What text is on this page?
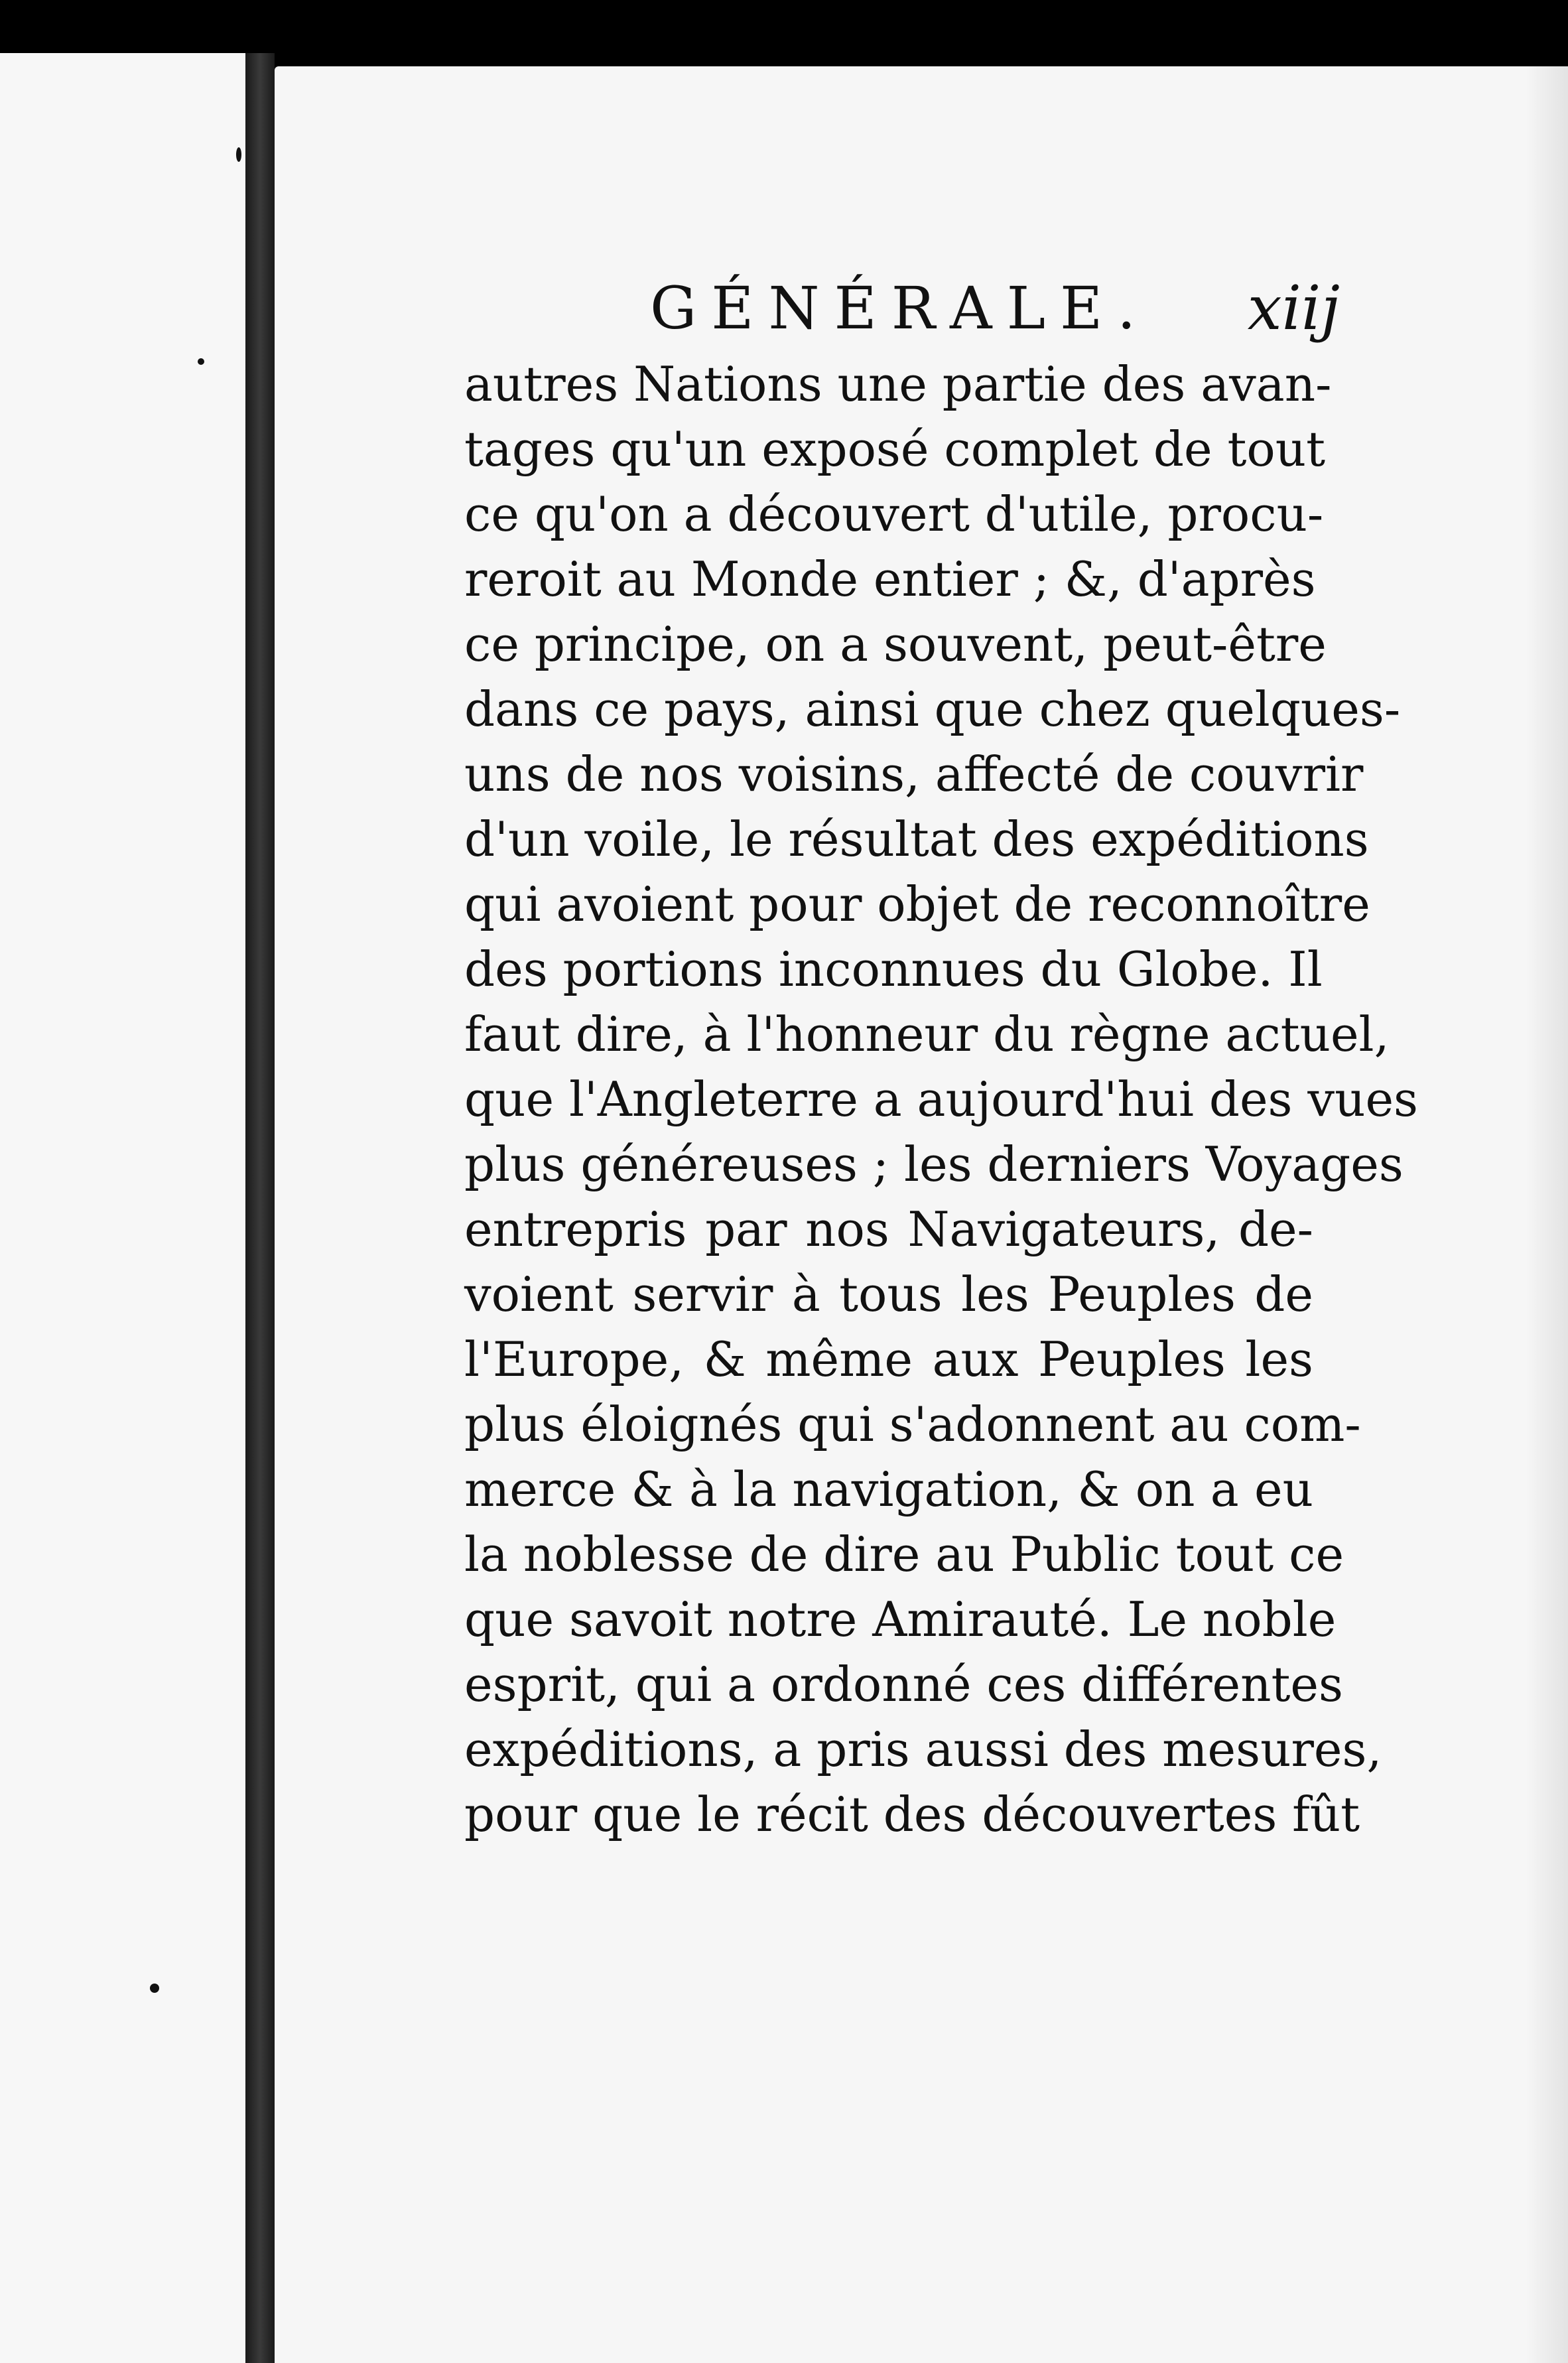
GÉNÉRALE. xiij
autres Nations une partie des avan-
tages qu'un exposé complet de tout
ce qu'on a découvert d'utile, procu-
reroit au Monde entier ; &, d'après
ce principe, on a souvent, peut-être
dans ce pays, ainsi que chez quelques-
uns de nos voisins, affecté de couvrir
d'un voile, le résultat des expéditions
qui avoient pour objet de reconnoître
des portions inconnues du Globe. Il
faut dire, à l'honneur du règne actuel,
que l'Angleterre a aujourd'hui des vues
plus généreuses ; les derniers Voyages
entrepris par nos Navigateurs, de-
voient servir à tous les Peuples de
l'Europe, & même aux Peuples les
plus éloignés qui s'adonnent au com-
merce & à la navigation, & on a eu
la noblesse de dire au Public tout ce
que savoit notre Amirauté. Le noble
esprit, qui a ordonné ces différentes
expéditions, a pris aussi des mesures,
pour que le récit des découvertes fût
